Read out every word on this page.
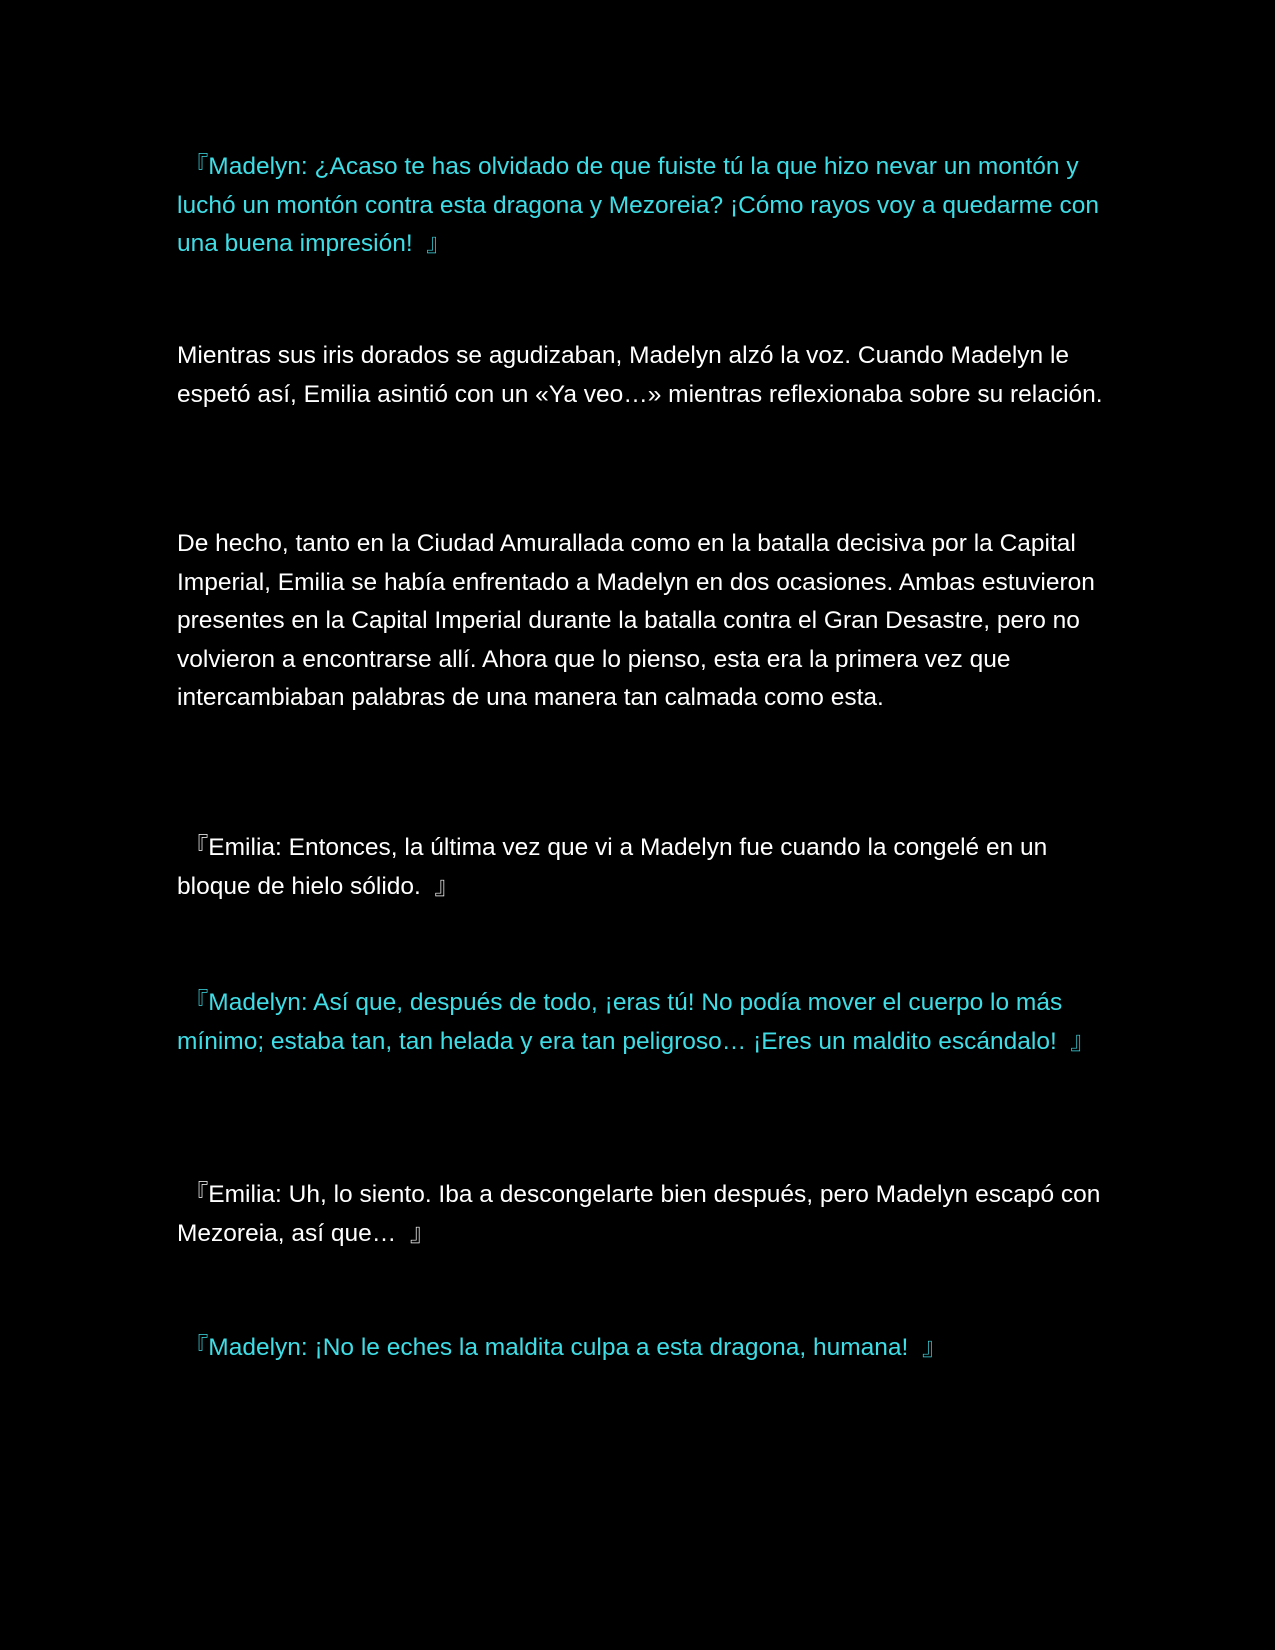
『Madelyn: ¿Acaso te has olvidado de que fuiste tú la que hizo nevar un montón y luchó un montón contra esta dragona y Mezoreia? ¡Cómo rayos voy a quedarme con una buena impresión!  』

Mientras sus iris dorados se agudizaban, Madelyn alzó la voz. Cuando Madelyn le espetó así, Emilia asintió con un «Ya veo…» mientras reflexionaba sobre su relación.

De hecho, tanto en la Ciudad Amurallada como en la batalla decisiva por la Capital Imperial, Emilia se había enfrentado a Madelyn en dos ocasiones. Ambas estuvieron presentes en la Capital Imperial durante la batalla contra el Gran Desastre, pero no volvieron a encontrarse allí. Ahora que lo pienso, esta era la primera vez que intercambiaban palabras de una manera tan calmada como esta.

『Emilia: Entonces, la última vez que vi a Madelyn fue cuando la congelé en un bloque de hielo sólido.  』

『Madelyn: Así que, después de todo, ¡eras tú! No podía mover el cuerpo lo más mínimo; estaba tan, tan helada y era tan peligroso… ¡Eres un maldito escándalo!  』

『Emilia: Uh, lo siento. Iba a descongelarte bien después, pero Madelyn escapó con Mezoreia, así que…  』

『Madelyn: ¡No le eches la maldita culpa a esta dragona, humana!  』
